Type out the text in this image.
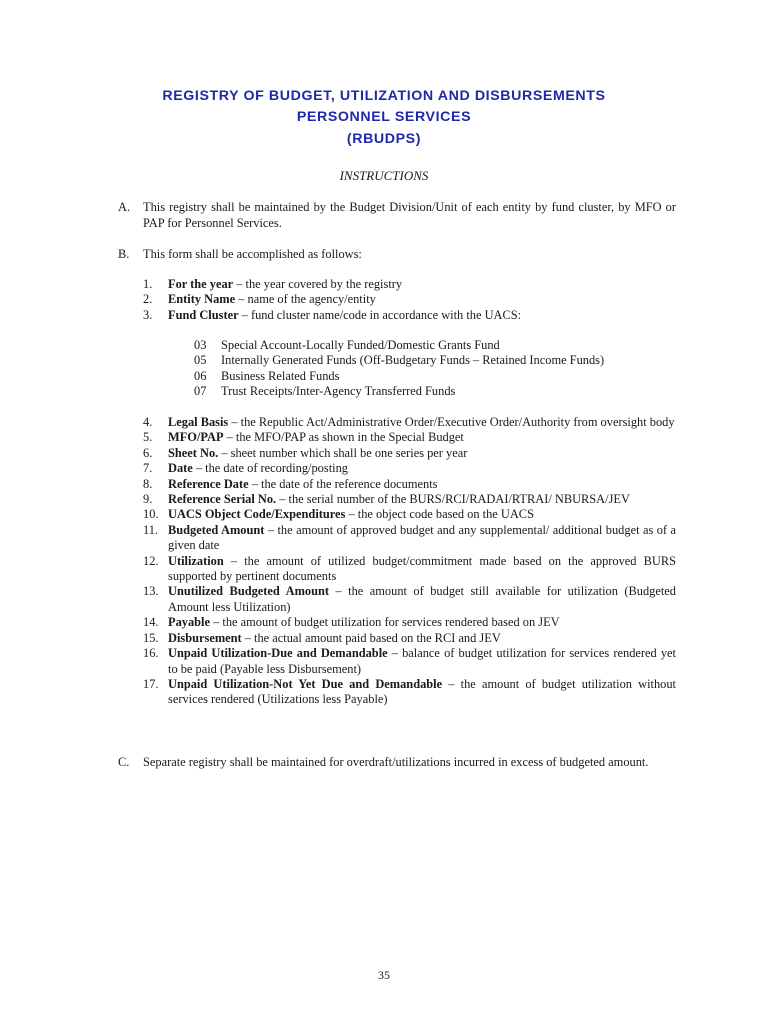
REGISTRY OF BUDGET, UTILIZATION AND DISBURSEMENTS
PERSONNEL SERVICES
(RBUDPS)
INSTRUCTIONS
A. This registry shall be maintained by the Budget Division/Unit of each entity by fund cluster, by MFO or PAP for Personnel Services.
B. This form shall be accomplished as follows:
1. For the year – the year covered by the registry
2. Entity Name – name of the agency/entity
3. Fund Cluster – fund cluster name/code in accordance with the UACS:
03 Special Account-Locally Funded/Domestic Grants Fund
05 Internally Generated Funds (Off-Budgetary Funds – Retained Income Funds)
06 Business Related Funds
07 Trust Receipts/Inter-Agency Transferred Funds
4. Legal Basis – the Republic Act/Administrative Order/Executive Order/Authority from oversight body
5. MFO/PAP – the MFO/PAP as shown in the Special Budget
6. Sheet No. – sheet number which shall be one series per year
7. Date – the date of recording/posting
8. Reference Date – the date of the reference documents
9. Reference Serial No. – the serial number of the BURS/RCI/RADAI/RTRAI/ NBURSA/JEV
10. UACS Object Code/Expenditures – the object code based on the UACS
11. Budgeted Amount – the amount of approved budget and any supplemental/ additional budget as of a given date
12. Utilization – the amount of utilized budget/commitment made based on the approved BURS supported by pertinent documents
13. Unutilized Budgeted Amount – the amount of budget still available for utilization (Budgeted Amount less Utilization)
14. Payable – the amount of budget utilization for services rendered based on JEV
15. Disbursement – the actual amount paid based on the RCI and JEV
16. Unpaid Utilization-Due and Demandable – balance of budget utilization for services rendered yet to be paid (Payable less Disbursement)
17. Unpaid Utilization-Not Yet Due and Demandable – the amount of budget utilization without services rendered (Utilizations less Payable)
C. Separate registry shall be maintained for overdraft/utilizations incurred in excess of budgeted amount.
35
